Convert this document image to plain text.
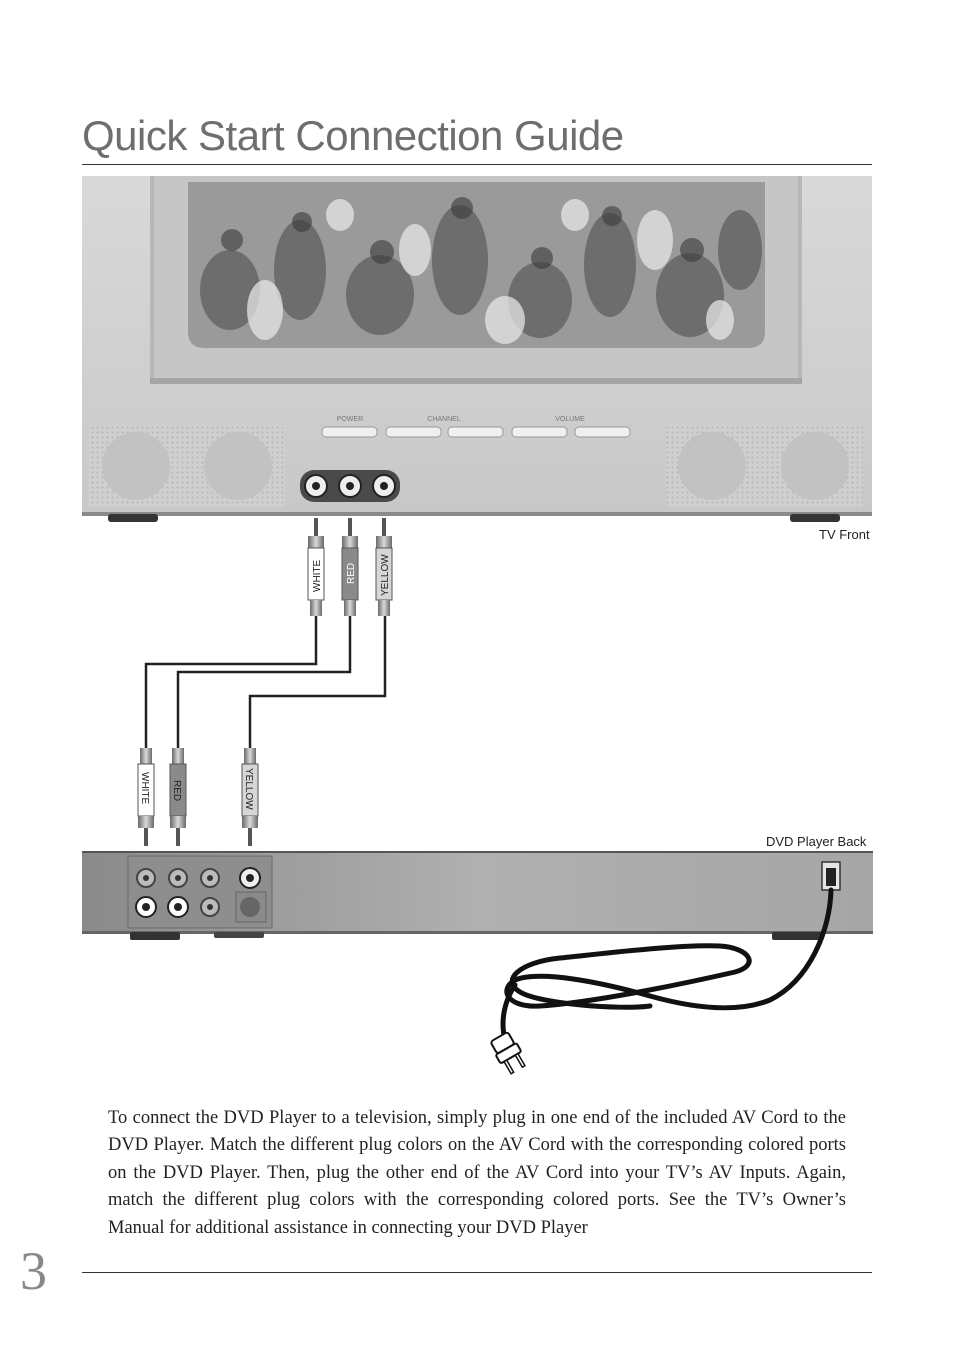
Quick Start Connection Guide
POWER	CHANNEL	VOLUME
WHITE RED YELLOW
WHITE RED	YELLOW
TV Front
DVD Player Back

To connect the DVD Player to a television, simply plug in one end of the included AV Cord to the DVD Player. Match the different plug colors on the AV Cord with the corresponding colored ports on the DVD Player. Then, plug the other end of the AV Cord into your TV’s AV Inputs. Again, match the different plug colors with the corresponding colored ports. See the TV’s Owner’s Manual for additional assistance in connecting your DVD Player

3
